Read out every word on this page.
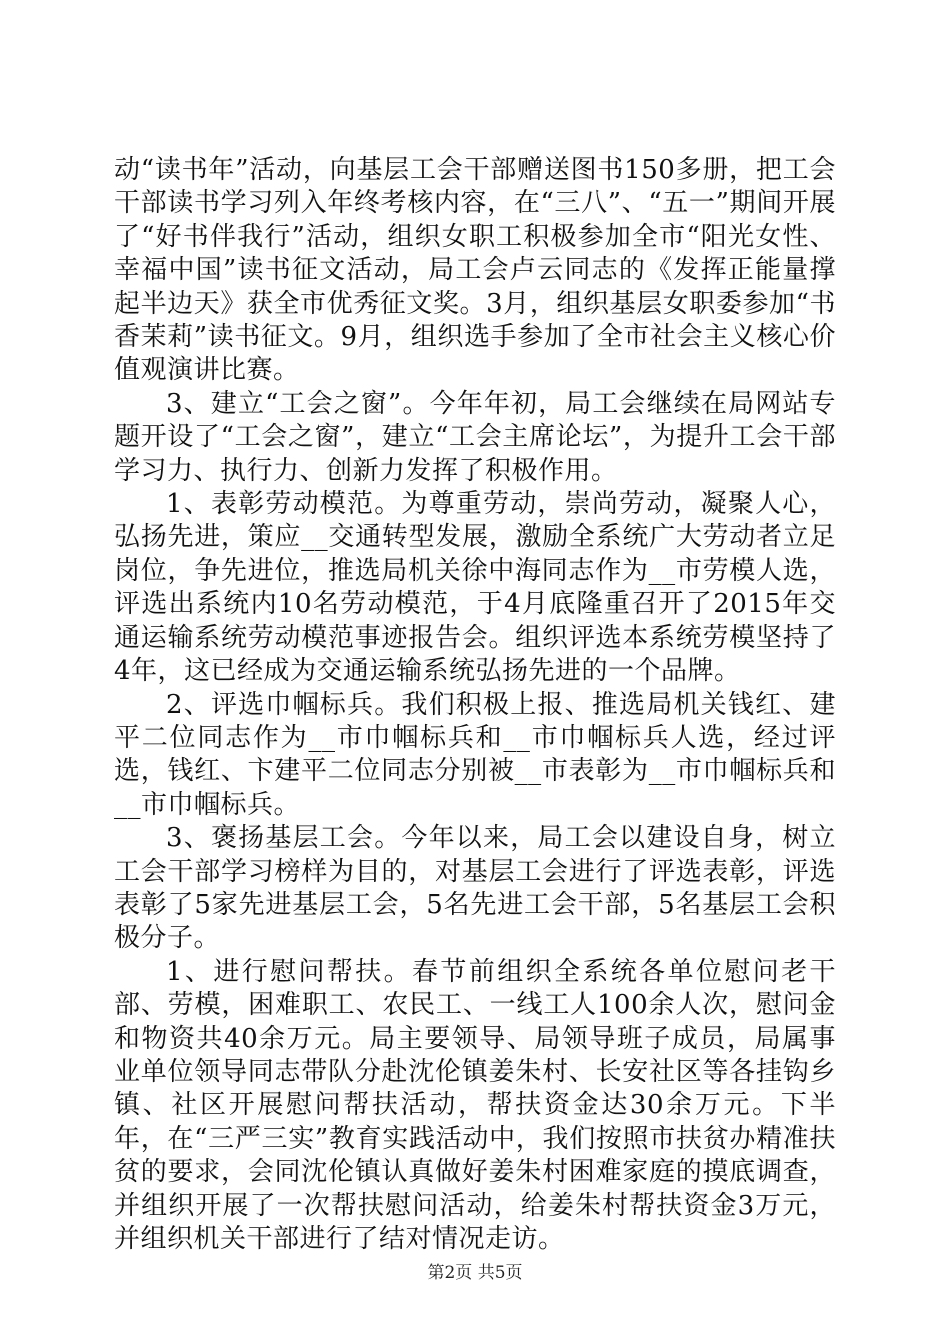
动“读书年”活动，向基层工会干部赠送图书150多册，把工会干部读书学习列入年终考核内容，在“三八”、“五一”期间开展了“好书伴我行”活动，组织女职工积极参加全市“阳光女性、幸福中国”读书征文活动，局工会卢云同志的《发挥正能量撑起半边天》获全市优秀征文奖。3月，组织基层女职委参加“书香茉莉”读书征文。9月，组织选手参加了全市社会主义核心价值观演讲比赛。

3、建立“工会之窗”。今年年初，局工会继续在局网站专题开设了“工会之窗”，建立“工会主席论坛”，为提升工会干部学习力、执行力、创新力发挥了积极作用。

1、表彰劳动模范。为尊重劳动，崇尚劳动，凝聚人心，弘扬先进，策应__交通转型发展，激励全系统广大劳动者立足岗位，争先进位，推选局机关徐中海同志作为__市劳模人选，评选出系统内10名劳动模范，于4月底隆重召开了2015年交通运输系统劳动模范事迹报告会。组织评选本系统劳模坚持了4年，这已经成为交通运输系统弘扬先进的一个品牌。

2、评选巾帼标兵。我们积极上报、推选局机关钱红、建平二位同志作为__市巾帼标兵和__市巾帼标兵人选，经过评选，钱红、卞建平二位同志分别被__市表彰为__市巾帼标兵和__市巾帼标兵。

3、褒扬基层工会。今年以来，局工会以建设自身，树立工会干部学习榜样为目的，对基层工会进行了评选表彰，评选表彰了5家先进基层工会，5名先进工会干部，5名基层工会积极分子。

1、进行慰问帮扶。春节前组织全系统各单位慰问老干部、劳模，困难职工、农民工、一线工人100余人次，慰问金和物资共40余万元。局主要领导、局领导班子成员，局属事业单位领导同志带队分赴沈伦镇姜朱村、长安社区等各挂钩乡镇、社区开展慰问帮扶活动，帮扶资金达30余万元。下半年，在“三严三实”教育实践活动中，我们按照市扶贫办精准扶贫的要求，会同沈伦镇认真做好姜朱村困难家庭的摸底调查，并组织开展了一次帮扶慰问活动，给姜朱村帮扶资金3万元，并组织机关干部进行了结对情况走访。

第2页 共5页
